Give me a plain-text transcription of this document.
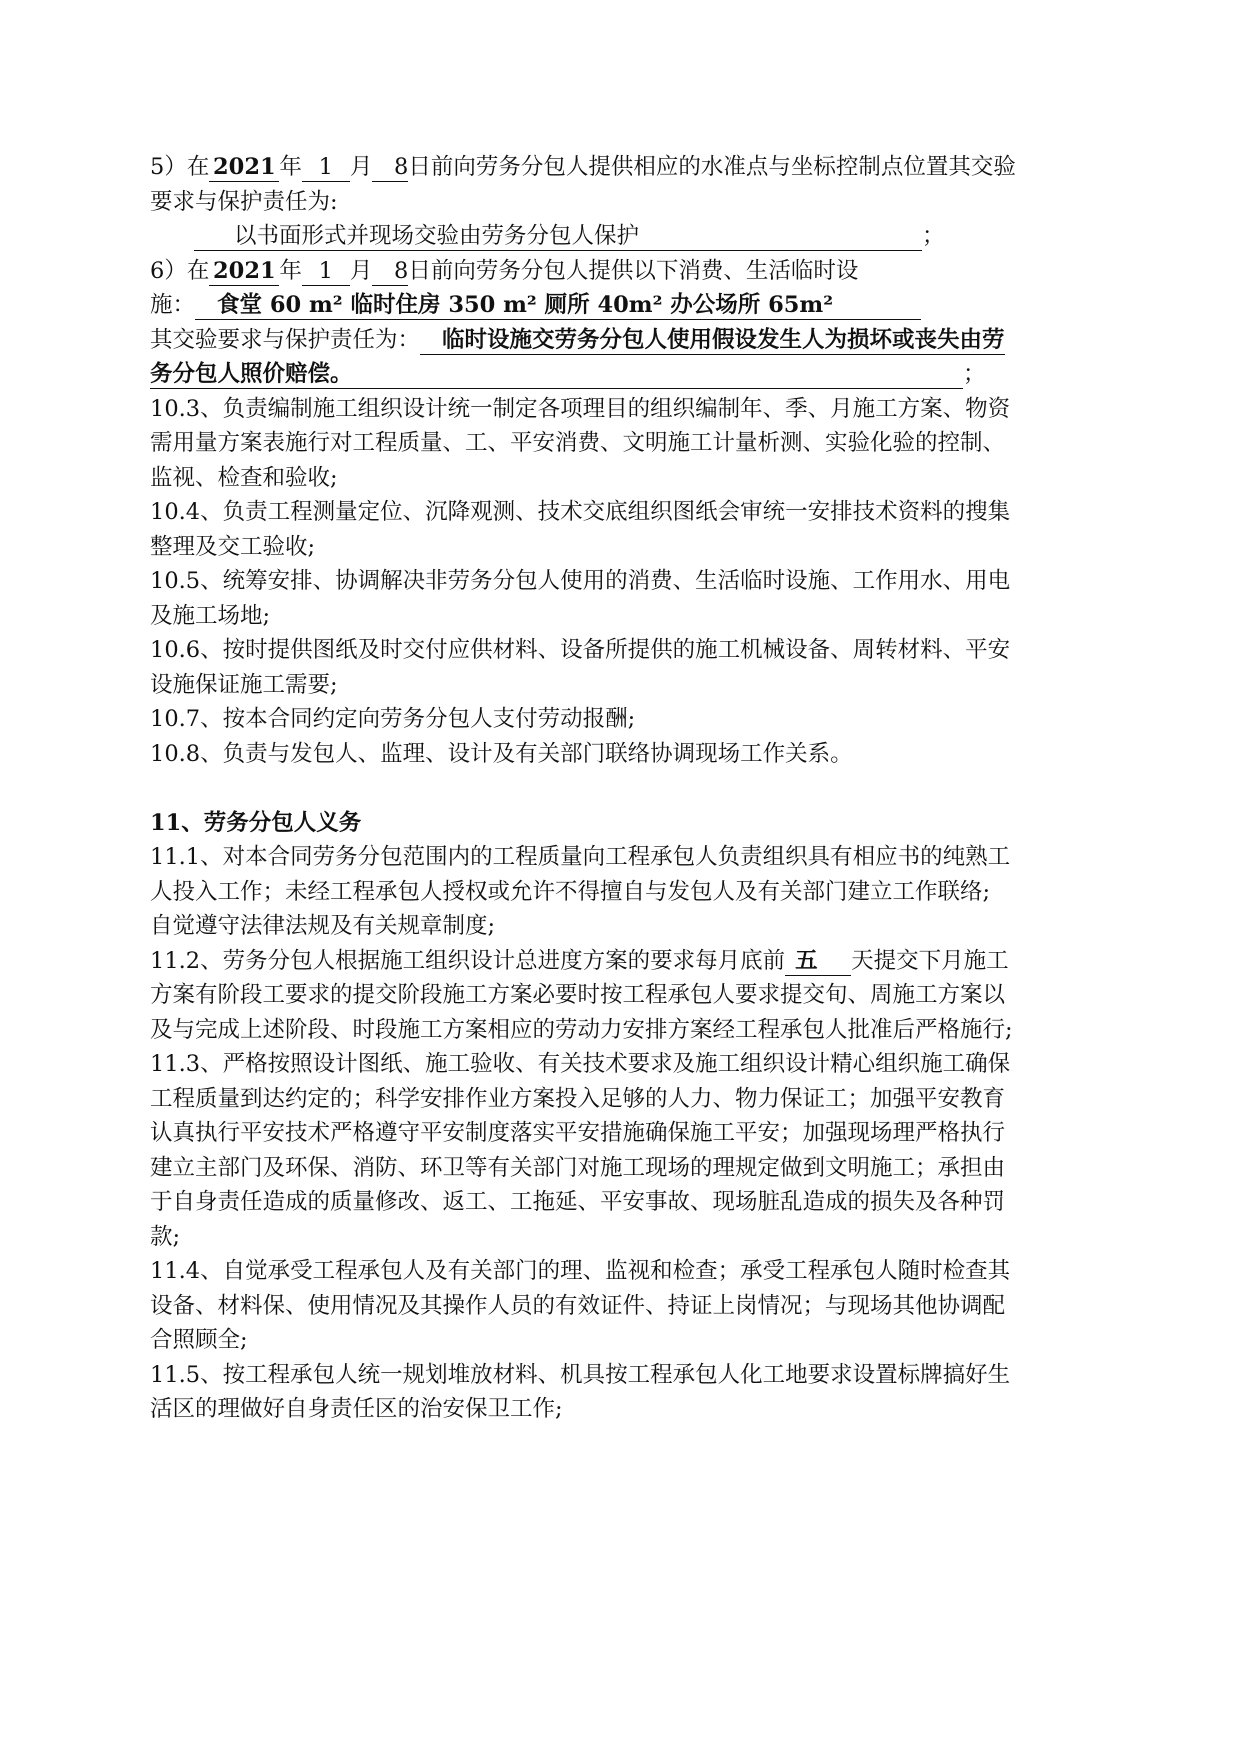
5）在 2021 年 1 月 8日前向劳务分包人提供相应的水准点与坐标控制点位置其交验
要求与保护责任为:
以书面形式并现场交验由劳务分包人保护	；
6）在 2021 年 1 月 8日前向劳务分包人提供以下消费、生活临时设
施： 食堂 60 m² 临时住房 350 m² 厕所 40m² 办公场所 65m²
其交验要求与保护责任为： 临时设施交劳务分包人使用假设发生人为损坏或丧失由劳
务分包人照价赔偿。	；
10.3、负责编制施工组织设计统一制定各项理目的组织编制年、季、月施工方案、物资
需用量方案表施行对工程质量、工、平安消费、文明施工计量析测、实验化验的控制、
监视、检查和验收;
10.4、负责工程测量定位、沉降观测、技术交底组织图纸会审统一安排技术资料的搜集
整理及交工验收;
10.5、统筹安排、协调解决非劳务分包人使用的消费、生活临时设施、工作用水、用电
及施工场地;
10.6、按时提供图纸及时交付应供材料、设备所提供的施工机械设备、周转材料、平安
设施保证施工需要;
10.7、按本合同约定向劳务分包人支付劳动报酬;
10.8、负责与发包人、监理、设计及有关部门联络协调现场工作关系。
11、劳务分包人义务
11.1、对本合同劳务分包范围内的工程质量向工程承包人负责组织具有相应书的纯熟工
人投入工作；未经工程承包人授权或允许不得擅自与发包人及有关部门建立工作联络;
自觉遵守法律法规及有关规章制度;
11.2、劳务分包人根据施工组织设计总进度方案的要求每月底前 五 天提交下月施工
方案有阶段工要求的提交阶段施工方案必要时按工程承包人要求提交旬、周施工方案以
及与完成上述阶段、时段施工方案相应的劳动力安排方案经工程承包人批准后严格施行;
11.3、严格按照设计图纸、施工验收、有关技术要求及施工组织设计精心组织施工确保
工程质量到达约定的；科学安排作业方案投入足够的人力、物力保证工；加强平安教育
认真执行平安技术严格遵守平安制度落实平安措施确保施工平安；加强现场理严格执行
建立主部门及环保、消防、环卫等有关部门对施工现场的理规定做到文明施工；承担由
于自身责任造成的质量修改、返工、工拖延、平安事故、现场脏乱造成的损失及各种罚
款;
11.4、自觉承受工程承包人及有关部门的理、监视和检查；承受工程承包人随时检查其
设备、材料保、使用情况及其操作人员的有效证件、持证上岗情况；与现场其他协调配
合照顾全;
11.5、按工程承包人统一规划堆放材料、机具按工程承包人化工地要求设置标牌搞好生
活区的理做好自身责任区的治安保卫工作;
